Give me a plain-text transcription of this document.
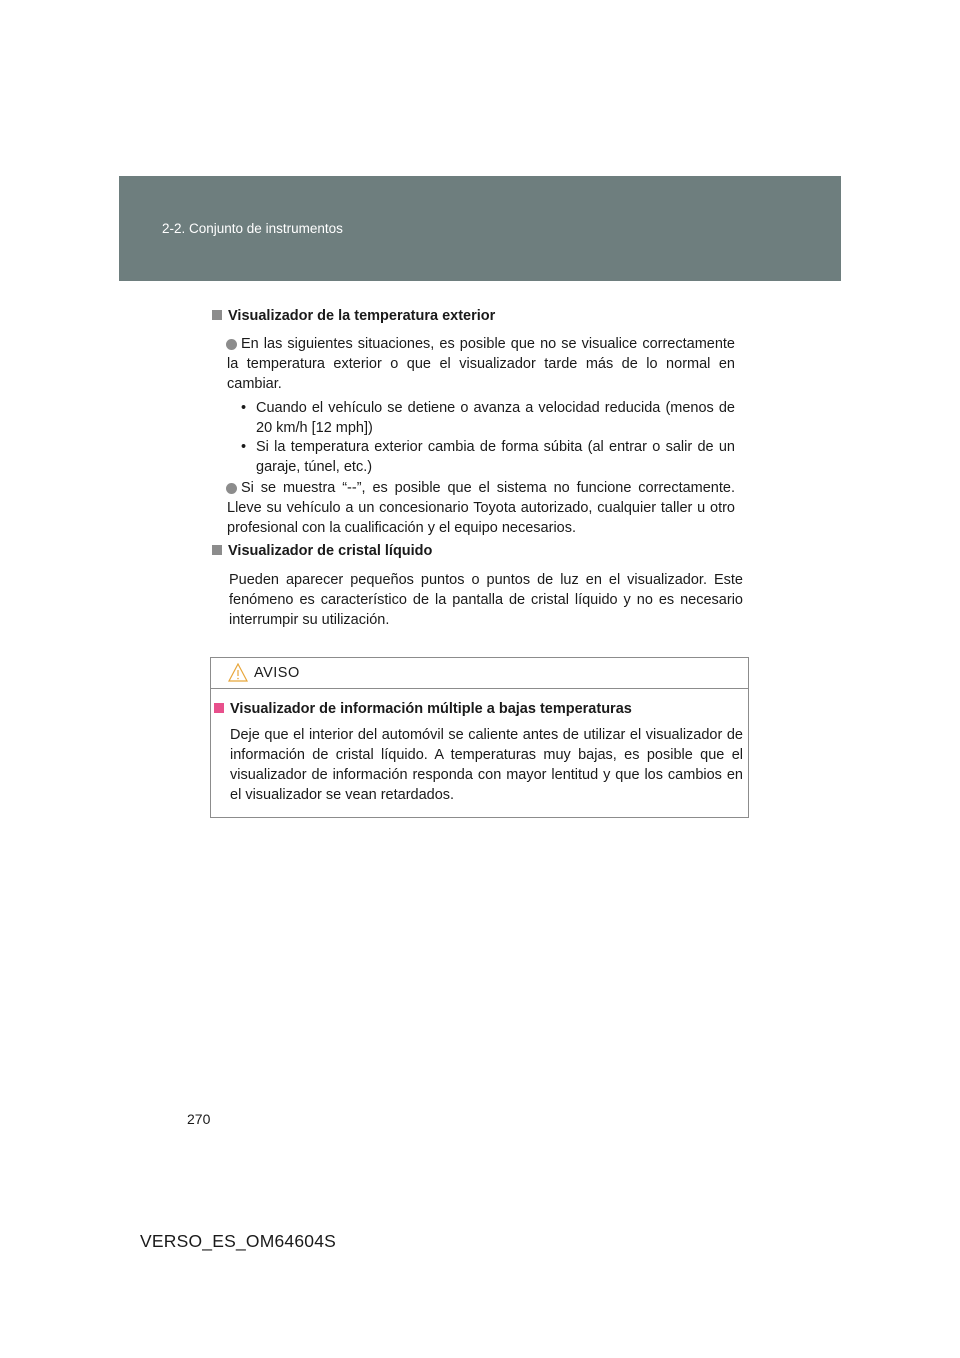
2-2. Conjunto de instrumentos
Visualizador de la temperatura exterior

En las siguientes situaciones, es posible que no se visualice correctamente la temperatura exterior o que el visualizador tarde más de lo normal en cambiar.

• Cuando el vehículo se detiene o avanza a velocidad reducida (menos de 20 km/h [12 mph])
• Si la temperatura exterior cambia de forma súbita (al entrar o salir de un garaje, túnel, etc.)

Si se muestra “--”, es posible que el sistema no funcione correctamente. Lleve su vehículo a un concesionario Toyota autorizado, cualquier taller u otro profesional con la cualificación y el equipo necesarios.

Visualizador de cristal líquido
Pueden aparecer pequeños puntos o puntos de luz en el visualizador. Este fenómeno es característico de la pantalla de cristal líquido y no es necesario interrumpir su utilización.
AVISO
Visualizador de información múltiple a bajas temperaturas
Deje que el interior del automóvil se caliente antes de utilizar el visualizador de información de cristal líquido. A temperaturas muy bajas, es posible que el visualizador de información responda con mayor lentitud y que los cambios en el visualizador se vean retardados.
270
VERSO_ES_OM64604S
